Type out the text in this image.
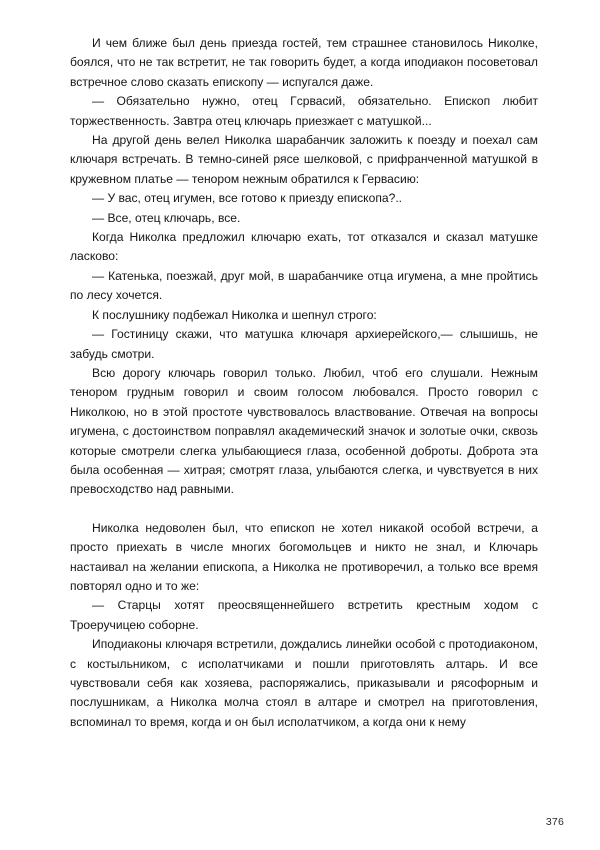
И чем ближе был день приезда гостей, тем страшнее становилось Николке, боялся, что не так встретит, не так говорить будет, а когда иподиакон посоветовал встречное слово сказать епископу — испугался даже.

— Обязательно нужно, отец Гсрвасий, обязательно. Епископ любит торжественность. Завтра отец ключарь приезжает с матушкой...

На другой день велел Николка шарабанчик заложить к поезду и поехал сам ключаря встречать. В темно-синей рясе шелковой, с прифранченной матушкой в кружевном платье — тенором нежным обратился к Гервасию:

— У вас, отец игумен, все готово к приезду епископа?..

— Все, отец ключарь, все.

Когда Николка предложил ключарю ехать, тот отказался и сказал матушке ласково:

— Катенька, поезжай, друг мой, в шарабанчике отца игумена, а мне пройтись по лесу хочется.

К послушнику подбежал Николка и шепнул строго:

— Гостиницу скажи, что матушка ключаря архиерейского,— слышишь, не забудь смотри.

Всю дорогу ключарь говорил только. Любил, чтоб его слушали. Нежным тенором грудным говорил и своим голосом любовался. Просто говорил с Николкою, но в этой простоте чувствовалось властвование. Отвечая на вопросы игумена, с достоинством поправлял академический значок и золотые очки, сквозь которые смотрели слегка улыбающиеся глаза, особенной доброты. Доброта эта была особенная — хитрая; смотрят глаза, улыбаются слегка, и чувствуется в них превосходство над равными.

Николка недоволен был, что епископ не хотел никакой особой встречи, а просто приехать в числе многих богомольцев и никто не знал, и Ключарь настаивал на желании епископа, а Николка не противоречил, а только все время повторял одно и то же:

— Старцы хотят преосвященнейшего встретить крестным ходом с Троеручицею соборне.

Иподиаконы ключаря встретили, дождались линейки особой с протодиаконом, с костыльником, с исполатчиками и пошли приготовлять алтарь. И все чувствовали себя как хозяева, распоряжались, приказывали и рясофорным и послушникам, а Николка молча стоял в алтаре и смотрел на приготовления, вспоминал то время, когда и он был исполатчиком, а когда они к нему

376
